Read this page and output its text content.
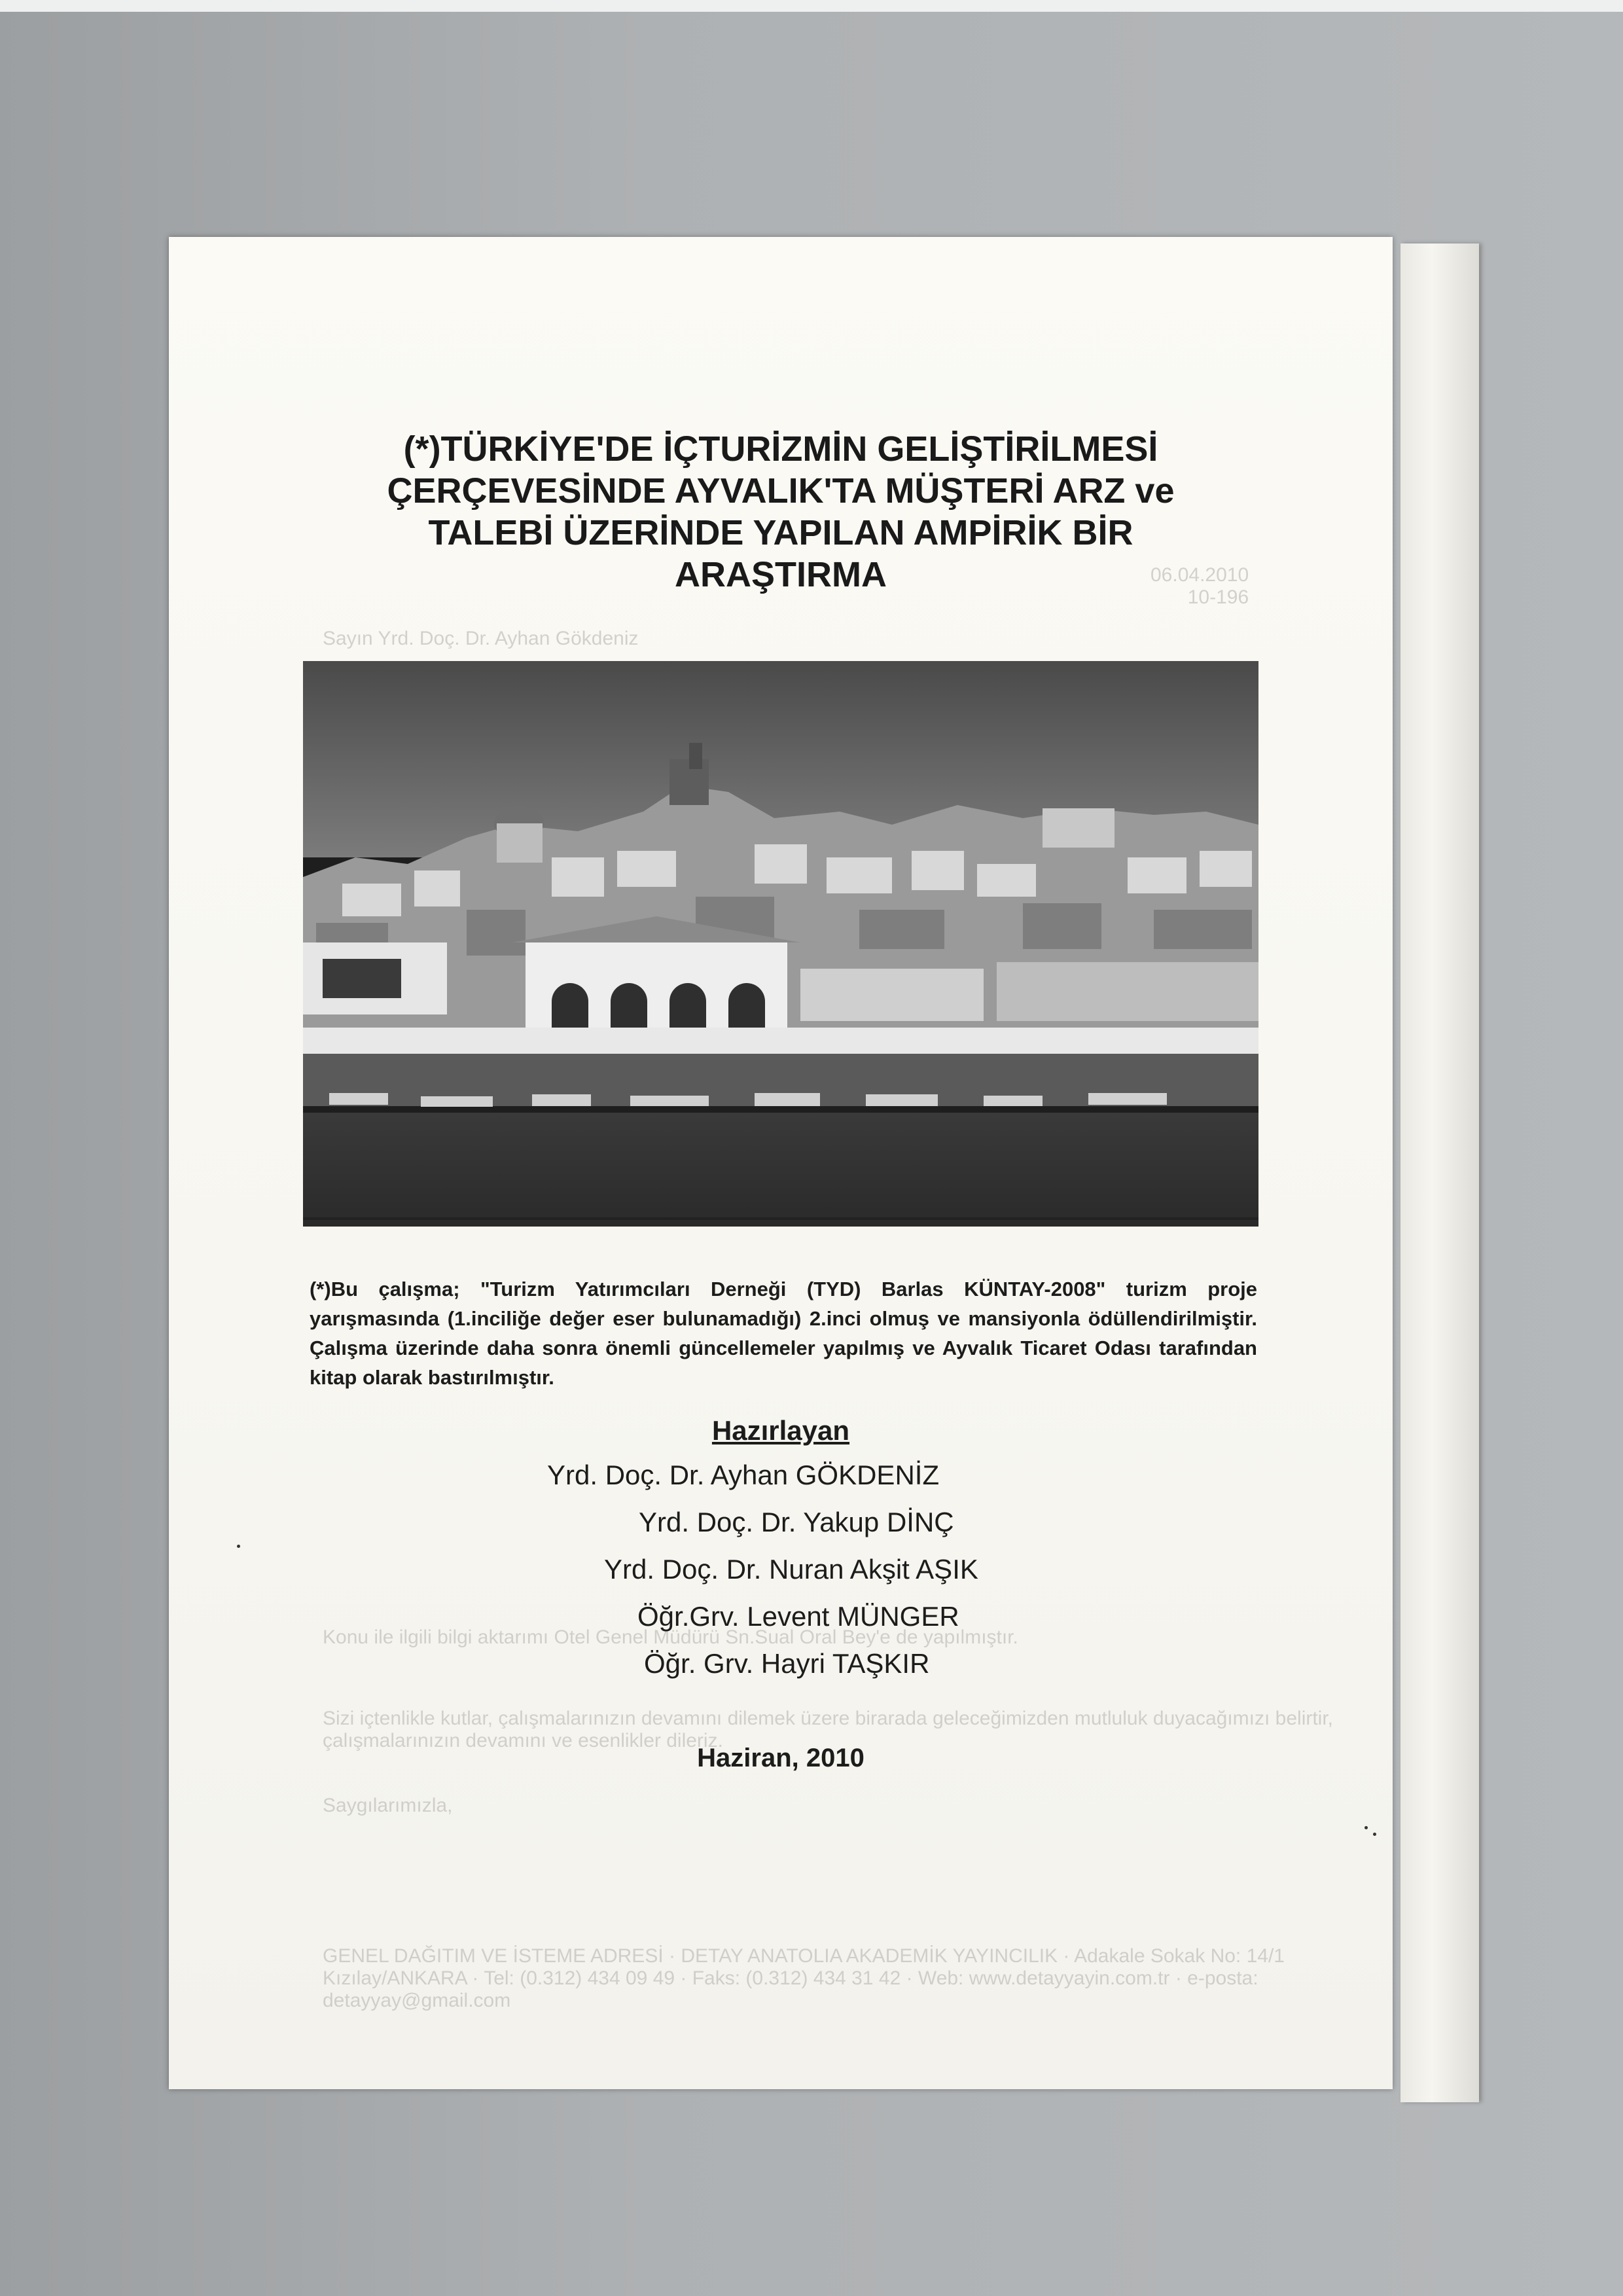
06.04.2010
10-196
Sayın Yrd. Doç. Dr. Ayhan Gökdeniz
Konu ile ilgili bilgi aktarımı Otel Genel Müdürü Sn.Sual Oral Bey'e de yapılmıştır.
Sizi içtenlikle kutlar, çalışmalarınızın devamını dilemek üzere birarada geleceğimizden mutluluk duyacağımızı belirtir, çalışmalarınızın devamını ve esenlikler dileriz.
Saygılarımızla,
GENEL DAĞITIM VE İSTEME ADRESİ · DETAY ANATOLIA AKADEMİK YAYINCILIK · Adakale Sokak No: 14/1 Kızılay/ANKARA · Tel: (0.312) 434 09 49 · Faks: (0.312) 434 31 42 · Web: www.detayyayin.com.tr · e-posta: detayyay@gmail.com
(*)TÜRKİYE'DE İÇTURİZMİN GELİŞTİRİLMESİ
ÇERÇEVESİNDE AYVALIK'TA MÜŞTERİ ARZ ve
TALEBİ ÜZERİNDE YAPILAN AMPİRİK BİR
ARAŞTIRMA
(*)Bu çalışma; "Turizm Yatırımcıları Derneği (TYD) Barlas KÜNTAY-2008" turizm proje yarışmasında (1.inciliğe değer eser bulunamadığı) 2.inci olmuş ve mansiyonla ödüllendirilmiştir. Çalışma üzerinde daha sonra önemli güncellemeler yapılmış ve Ayvalık Ticaret Odası tarafından kitap olarak bastırılmıştır.
Hazırlayan
Yrd. Doç. Dr. Ayhan GÖKDENİZ
Yrd. Doç. Dr. Yakup DİNÇ
Yrd. Doç. Dr. Nuran Akşit AŞIK
Öğr.Grv. Levent MÜNGER
Öğr. Grv. Hayri TAŞKIR
Haziran, 2010
